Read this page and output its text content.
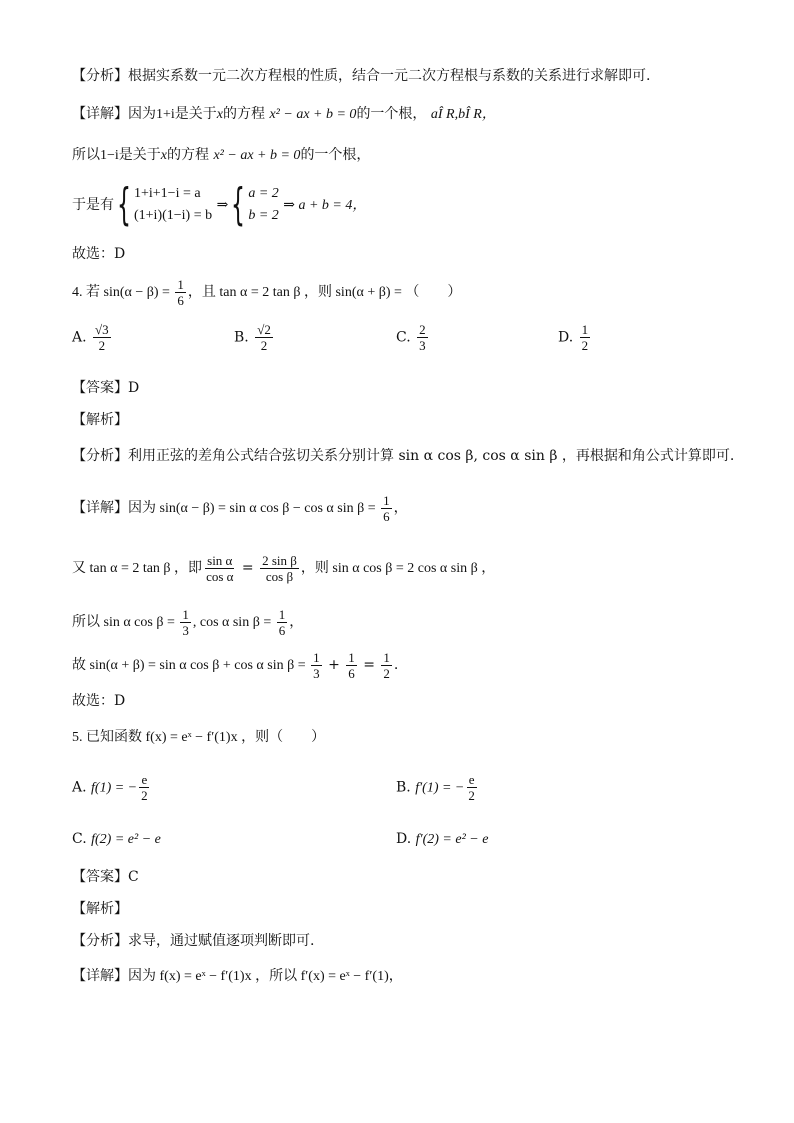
【分析】根据实系数一元二次方程根的性质，结合一元二次方程根与系数的关系进行求解即可.
【详解】因为1+i是关于x的方程 x² − ax + b = 0的一个根， aÎ R,bÎ R，
所以1−i是关于x的方程 x² − ax + b = 0的一个根，
于是有{ 1+i+1−i = a
(1+i)(1−i) = b
⇒{ a = 2
b = 2
⇒ a + b = 4，
故选：D
4. 若 $\sin(\alpha - \beta) = \frac{1}{6}$ ，且 tan α = 2 tan β ，则 sin(α + β) = （　　）
A. $\frac{√3}{2}$	B. $\frac{√2}{2}$	C. $\frac{2}{3}$	D. $\frac{1}{2}$
【答案】D
【解析】
【分析】利用正弦的差角公式结合弦切关系分别计算 sin α cos β, cos α sin β ，再根据和角公式计算即可.
【详解】因为 sin(α − β) = sin α cos β − cos α $\sin \beta = \frac{1}{6}$ ，
又 tan α = 2 tan β ，即 $\frac{\text{sin α}}{\text{cos α}} = \frac{\text{2 sin β}}{\text{cos β}}$ ，则 sin α cos β = 2 cos α sin β ，
所以 sin α $\cos \beta = \frac{1}{3}$ , cos α $\sin \beta = \frac{1}{6}$ ，
故 sin(α + β) = sin α cos β + cos α $\sin \beta = \frac{1}{3} + \frac{1}{6} = \frac{1}{2}$ .
故选：D
5. 已知函数 f(x) = eˣ − f′(1)x ，则（　　）
A. f(1) = − $\frac{e}{2}$	B. f′(1) = − $\frac{e}{2}$
C. f(2) = e² − e	D. f′(2) = e² − e
【答案】C
【解析】
【分析】求导，通过赋值逐项判断即可.
【详解】因为 f(x) = eˣ − f′(1)x ，所以 f′(x) = eˣ − f′(1)，
